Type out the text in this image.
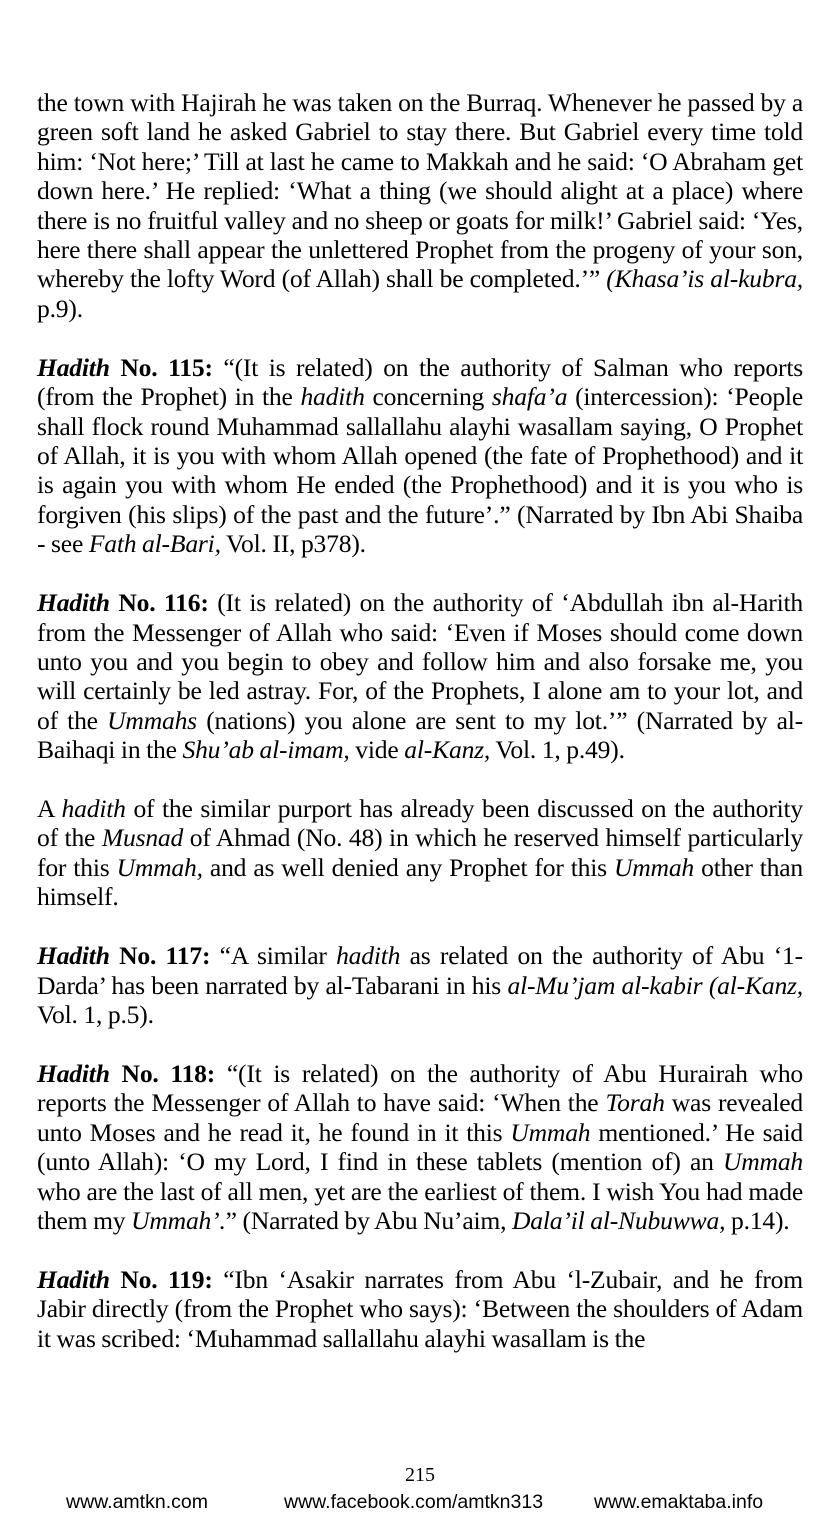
the town with Hajirah he was taken on the Burraq. Whenever he passed by a green soft land he asked Gabriel to stay there. But Gabriel every time told him: ‘Not here;’ Till at last he came to Makkah and he said: ‘O Abraham get down here.’ He replied: ‘What a thing (we should alight at a place) where there is no fruitful valley and no sheep or goats for milk!’ Gabriel said: ‘Yes, here there shall appear the unlettered Prophet from the progeny of your son, whereby the lofty Word (of Allah) shall be completed.’” (Khasa’is al-kubra, p.9).

Hadith No. 115: “(It is related) on the authority of Salman who reports (from the Prophet) in the hadith concerning shafa’a (intercession): ‘People shall flock round Muhammad sallallahu alayhi wasallam saying, O Prophet of Allah, it is you with whom Allah opened (the fate of Prophethood) and it is again you with whom He ended (the Prophethood) and it is you who is forgiven (his slips) of the past and the future’.” (Narrated by Ibn Abi Shaiba - see Fath al-Bari, Vol. II, p378).

Hadith No. 116: (It is related) on the authority of ‘Abdullah ibn al-Harith from the Messenger of Allah who said: ‘Even if Moses should come down unto you and you begin to obey and follow him and also forsake me, you will certainly be led astray. For, of the Prophets, I alone am to your lot, and of the Ummahs (nations) you alone are sent to my lot.’” (Narrated by al-Baihaqi in the Shu’ab al-imam, vide al-Kanz, Vol. 1, p.49).

A hadith of the similar purport has already been discussed on the authority of the Musnad of Ahmad (No. 48) in which he reserved himself particularly for this Ummah, and as well denied any Prophet for this Ummah other than himself.

Hadith No. 117: “A similar hadith as related on the authority of Abu ‘1-Darda’ has been narrated by al-Tabarani in his al-Mu’jam al-kabir (al-Kanz, Vol. 1, p.5).

Hadith No. 118: “(It is related) on the authority of Abu Hurairah who reports the Messenger of Allah to have said: ‘When the Torah was revealed unto Moses and he read it, he found in it this Ummah mentioned.’ He said (unto Allah): ‘O my Lord, I find in these tablets (mention of) an Ummah who are the last of all men, yet are the earliest of them. I wish You had made them my Ummah’.” (Narrated by Abu Nu’aim, Dala’il al-Nubuwwa, p.14).

Hadith No. 119: “Ibn ‘Asakir narrates from Abu ‘l-Zubair, and he from Jabir directly (from the Prophet who says): ‘Between the shoulders of Adam it was scribed: ‘Muhammad sallallahu alayhi wasallam is the

215
www.amtkn.com	www.facebook.com/amtkn313	www.emaktaba.info
